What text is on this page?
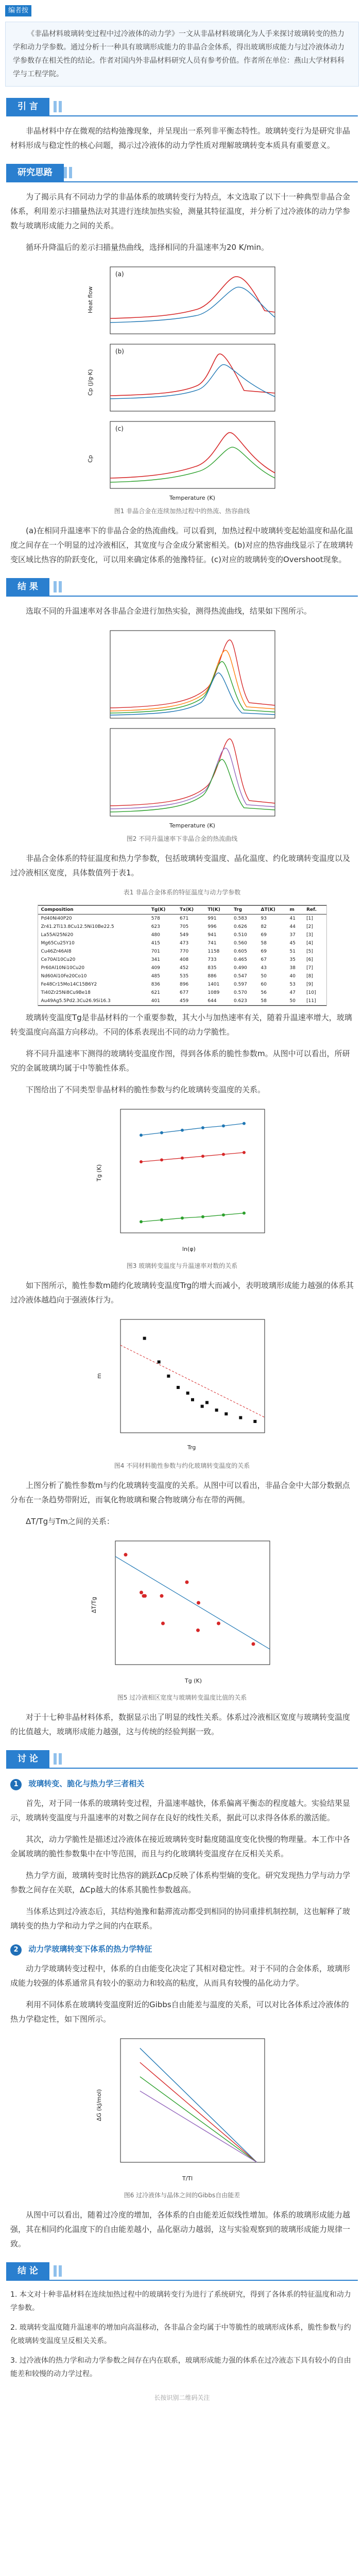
编者按

《非晶材料玻璃转变过程中过冷液体的动力学》一文从非晶材料玻璃化为人手来探讨玻璃转变的热力学和动力学参数。通过分析十一种具有玻璃形成能力的非晶合金体系，得出玻璃形成能力与过冷液体动力学参数存在相关性的结论。作者对国内外非晶材料研究人员有参考价值。作者所在单位：燕山大学材料科学与工程学院。

引 言

非晶材料中存在微观的结构弛豫现象，并呈现出一系列非平衡态特性。玻璃转变行为是研究非晶材料形成与稳定性的核心问题，揭示过冷液体的动力学性质对理解玻璃转变本质具有重要意义。

研究思路

为了揭示具有不同动力学的非晶体系的玻璃转变行为特点，本文选取了以下十一种典型非晶合金体系，利用差示扫描量热法对其进行连续加热实验，测量其特征温度，并分析了过冷液体的动力学参数与玻璃形成能力之间的关系。

循环升降温后的差示扫描量热曲线，选择相同的升温速率为20 K/min。

(a)
Heat flow
(b)
Cp (J/g·K)
(c)
Cp
Temperature (K)
图1 非晶合金在连续加热过程中的热流、热容曲线

(a)在相同升温速率下的非晶合金的热流曲线。可以看到，加热过程中玻璃转变起始温度和晶化温度之间存在一个明显的过冷液相区，其宽度与合金成分紧密相关。(b)对应的热容曲线显示了在玻璃转变区域比热容的阶跃变化，可以用来确定体系的弛豫特征。(c)对应的玻璃转变的Overshoot现象。

结 果

选取不同的升温速率对各非晶合金进行加热实验，测得热流曲线，结果如下图所示。

Temperature (K)
图2 不同升温速率下非晶合金的热流曲线

非晶合金体系的特征温度和热力学参数，包括玻璃转变温度、晶化温度、约化玻璃转变温度以及过冷液相区宽度，具体数值列于表1。

表1 非晶合金体系的特征温度与动力学参数
Composition	Tg(K)	Tx(K)	Tl(K)	Trg	ΔT(K)	m	Ref.
Pd40Ni40P20	578	671	991	0.583	93	41	[1]
Zr41.2Ti13.8Cu12.5Ni10Be22.5	623	705	996	0.626	82	44	[2]
La55Al25Ni20	480	549	941	0.510	69	37	[3]
Mg65Cu25Y10	415	473	741	0.560	58	45	[4]
Cu46Zr46Al8	701	770	1158	0.605	69	51	[5]
Ce70Al10Cu20	341	408	733	0.465	67	35	[6]
Pr60Al10Ni10Cu20	409	452	835	0.490	43	38	[7]
Nd60Al10Fe20Co10	485	535	886	0.547	50	40	[8]
Fe48Cr15Mo14C15B6Y2	836	896	1401	0.597	60	53	[9]
Ti40Zr25Ni8Cu9Be18	621	677	1089	0.570	56	47	[10]
Au49Ag5.5Pd2.3Cu26.9Si16.3	401	459	644	0.623	58	50	[11]

玻璃转变温度Tg是非晶材料的一个重要参数，其大小与加热速率有关，随着升温速率增大，玻璃转变温度向高温方向移动。不同的体系表现出不同的动力学脆性。

将不同升温速率下测得的玻璃转变温度作图，得到各体系的脆性参数m。从图中可以看出，所研究的金属玻璃均属于中等脆性体系。

下图给出了不同类型非晶材料的脆性参数与约化玻璃转变温度的关系。

ln(φ)
Tg (K)
图3 玻璃转变温度与升温速率对数的关系

如下图所示，脆性参数m随约化玻璃转变温度Trg的增大而减小，表明玻璃形成能力越强的体系其过冷液体越趋向于强液体行为。

Trg
m
图4 不同材料脆性参数与约化玻璃转变温度的关系

上图分析了脆性参数m与约化玻璃转变温度的关系。从图中可以看出，非晶合金中大部分数据点分布在一条趋势带附近，而氧化物玻璃和聚合物玻璃分布在带的两侧。

ΔT/Tg与Tm之间的关系：

Tg (K)
ΔT/Tg
图5 过冷液相区宽度与玻璃转变温度比值的关系

对于十七种非晶材料体系，数据显示出了明显的线性关系。体系过冷液相区宽度与玻璃转变温度的比值越大，玻璃形成能力越强，这与传统的经验判据一致。

讨 论
1 玻璃转变、脆化与热力学三者相关

首先，对于同一体系的玻璃转变过程，升温速率越快，体系偏离平衡态的程度越大。实验结果显示，玻璃转变温度与升温速率的对数之间存在良好的线性关系，据此可以求得各体系的激活能。

其次，动力学脆性是描述过冷液体在接近玻璃转变时黏度随温度变化快慢的物理量。本工作中各金属玻璃的脆性参数集中在中等范围，而且与约化玻璃转变温度存在反相关关系。

热力学方面，玻璃转变时比热容的跳跃ΔCp反映了体系构型熵的变化。研究发现热力学与动力学参数之间存在关联，ΔCp越大的体系其脆性参数越高。

当体系达到过冷液态后，其结构弛豫和黏滞流动都受到相同的协同重排机制控制，这也解释了玻璃转变的热力学和动力学之间的内在联系。

2 动力学玻璃转变下体系的热力学特征

动力学玻璃转变过程中，体系的自由能变化决定了其相对稳定性。对于不同的合金体系，玻璃形成能力较强的体系通常具有较小的驱动力和较高的粘度，从而具有较慢的晶化动力学。

利用不同体系在玻璃转变温度附近的Gibbs自由能差与温度的关系，可以对比各体系过冷液体的热力学稳定性，如下图所示。

T/Tl
ΔG (kJ/mol)
图6 过冷液体与晶体之间的Gibbs自由能差

从图中可以看出，随着过冷度的增加，各体系的自由能差近似线性增加。体系的玻璃形成能力越强，其在相同约化温度下的自由能差越小，晶化驱动力越弱，这与实验观察到的玻璃形成能力规律一致。

结 论

1. 本文对十种非晶材料在连续加热过程中的玻璃转变行为进行了系统研究，得到了各体系的特征温度和动力学参数。

2. 玻璃转变温度随升温速率的增加向高温移动，各非晶合金均属于中等脆性的玻璃形成体系，脆性参数与约化玻璃转变温度呈反相关关系。

3. 过冷液体的热力学和动力学参数之间存在内在联系，玻璃形成能力强的体系在过冷液态下具有较小的自由能差和较慢的动力学过程。

长按识别二维码关注
